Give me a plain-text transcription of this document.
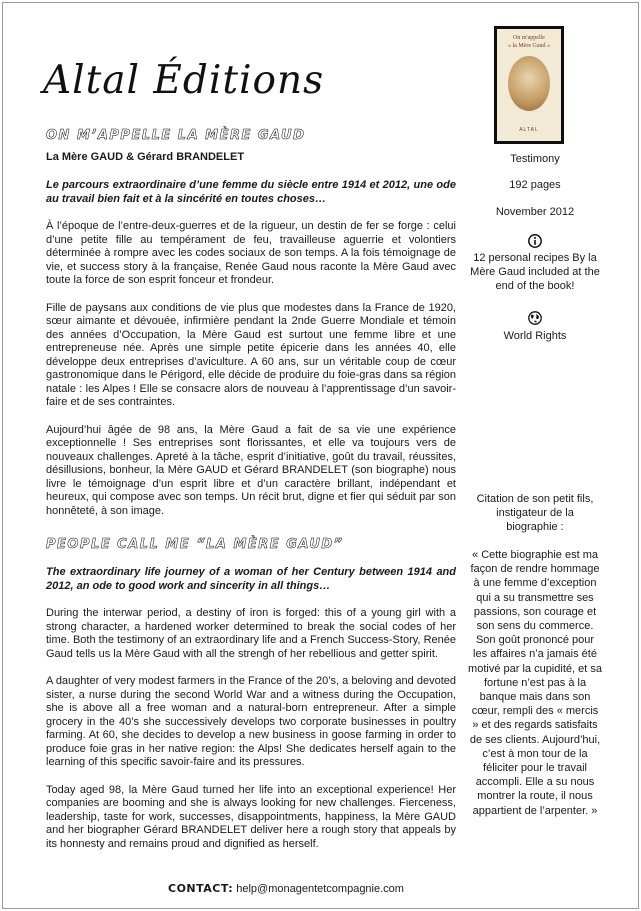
Altal Éditions
On m'appelle
« la Mère Gaud »
ALTAL
Testimony
192 pages
November 2012
12 personal recipes By la Mère Gaud included at the end of the book!
World Rights
Citation de son petit fils, instigateur de la biographie :
« Cette biographie est ma façon de rendre hommage à une femme d’exception qui a su transmettre ses passions, son courage et son sens du commerce. Son goût prononcé pour les affaires n’a jamais été motivé par la cupidité, et sa fortune n’est pas à la banque mais dans son cœur, rempli des « mercis » et des regards satisfaits de ses clients. Aujourd’hui, c’est à mon tour de la féliciter pour le travail accompli. Elle a su nous montrer la route, il nous appartient de l’arpenter. »
ON M’APPELLE LA MÈRE GAUD
La Mère GAUD & Gérard BRANDELET

Le parcours extraordinaire d’une femme du siècle entre 1914 et 2012, une ode au travail bien fait et à la sincérité en toutes choses…

À l’époque de l’entre-deux-guerres et de la rigueur, un destin de fer se forge : celui d’une petite fille au tempérament de feu, travailleuse aguerrie et volontiers déterminée à rompre avec les codes sociaux de son temps. A la fois témoignage de vie, et success story à la française, Renée Gaud nous raconte la Mère Gaud avec toute la force de son esprit fonceur et frondeur.

Fille de paysans aux conditions de vie plus que modestes dans la France de 1920, sœur aimante et dévouée, infirmière pendant la 2nde Guerre Mondiale et témoin des années d’Occupation, la Mère Gaud est surtout une femme libre et une entrepreneuse née. Après une simple petite épicerie dans les années 40, elle développe deux entreprises d’aviculture. A 60 ans, sur un véritable coup de cœur gastronomique dans le Périgord, elle décide de produire du foie-gras dans sa région natale : les Alpes ! Elle se consacre alors de nouveau à l’apprentissage d’un savoir-faire et de ses contraintes.

Aujourd’hui âgée de 98 ans, la Mère Gaud a fait de sa vie une expérience exceptionnelle ! Ses entreprises sont florissantes, et elle va toujours vers de nouveaux challenges. Apreté à la tâche, esprit d’initiative, goût du travail, réussites, désillusions, bonheur, la Mère GAUD et Gérard BRANDELET (son biographe) nous livre le témoignage d’un esprit libre et d’un caractère brillant, indépendant et heureux, qui compose avec son temps. Un récit brut, digne et fier qui séduit par son honnêteté, à son image.

PEOPLE CALL ME “LA MÈRE GAUD”

The extraordinary life journey of a woman of her Century between 1914 and 2012, an ode to good work and sincerity in all things…

During the interwar period, a destiny of iron is forged: this of a young girl with a strong character, a hardened worker determined to break the social codes of her time. Both the testimony of an extraordinary life and a French Success-Story, Renée Gaud tells us la Mère Gaud with all the strengh of her rebellious and getter spirit.

A daughter of very modest farmers in the France of the 20’s, a beloving and devoted sister, a nurse during the second World War and a witness during the Occupation, she is above all a free woman and a natural-born entrepreneur. After a simple grocery in the 40’s she successively develops two corporate businesses in poultry farming. At 60, she decides to develop a new business in goose farming in order to produce foie gras in her native region: the Alps! She dedicates herself again to the learning of this specific savoir-faire and its pressures.

Today aged 98, la Mère Gaud turned her life into an exceptional experience! Her companies are booming and she is always looking for new challenges. Fierceness, leadership, taste for work, successes, disappointments, happiness, la Mère GAUD and her biographer Gérard BRANDELET deliver here a rough story that appeals by its honnesty and remains proud and dignified as herself.

CONTACT: help@monagentetcompagnie.com
